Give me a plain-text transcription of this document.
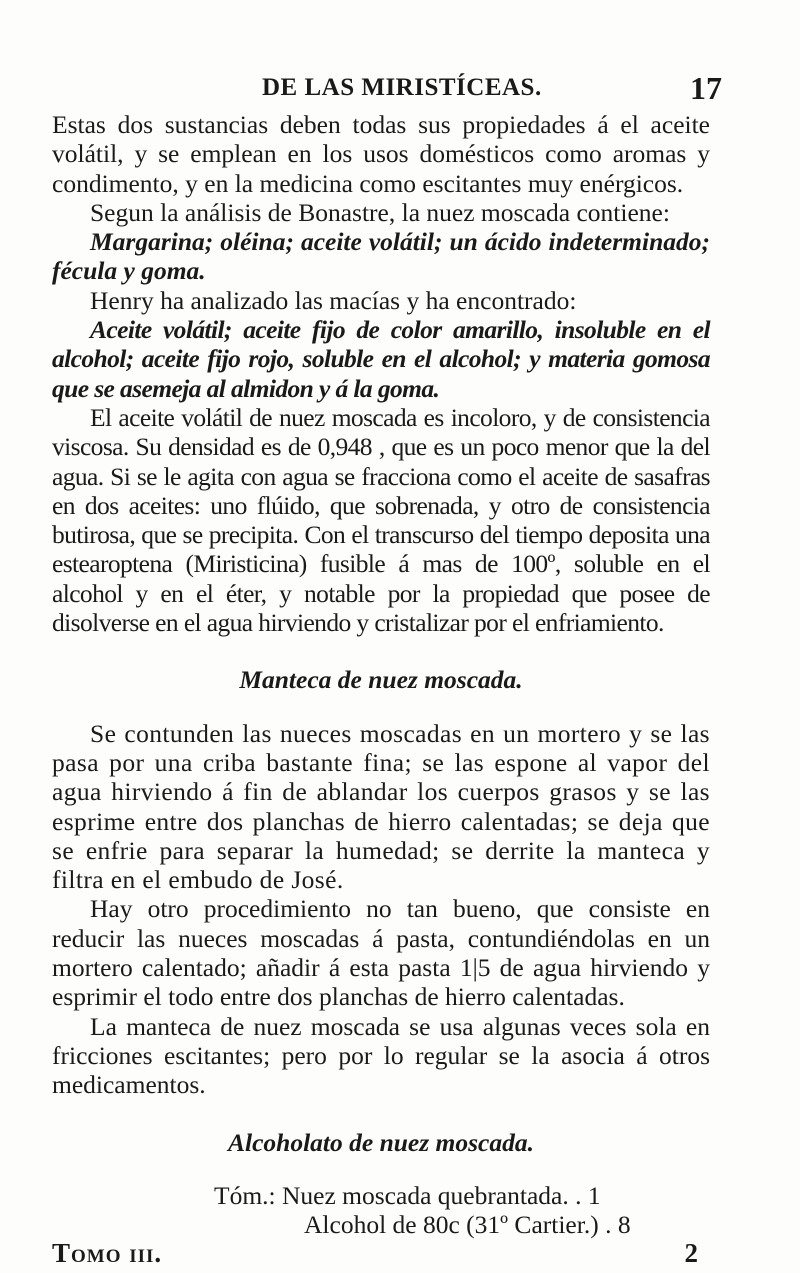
DE LAS MIRISTÍCEAS.	17

Estas dos sustancias deben todas sus propiedades á el aceite volátil, y se emplean en los usos domésticos como aromas y condimento, y en la medicina como escitantes muy enérgicos.

Segun la análisis de Bonastre, la nuez moscada contiene:

Margarina; oléina; aceite volátil; un ácido indeterminado; fécula y goma.

Henry ha analizado las macías y ha encontrado:

Aceite volátil; aceite fijo de color amarillo, insoluble en el alcohol; aceite fijo rojo, soluble en el alcohol; y materia gomosa que se asemeja al almidon y á la goma.

El aceite volátil de nuez moscada es incoloro, y de consistencia viscosa. Su densidad es de 0,948 , que es un poco menor que la del agua. Si se le agita con agua se fracciona como el aceite de sasafras en dos aceites: uno flúido, que sobrenada, y otro de consistencia butirosa, que se precipita. Con el transcurso del tiempo deposita una estearoptena (Miristicina) fusible á mas de 100º, soluble en el alcohol y en el éter, y notable por la propiedad que posee de disolverse en el agua hirviendo y cristalizar por el enfriamiento.

Manteca de nuez moscada.

Se contunden las nueces moscadas en un mortero y se las pasa por una criba bastante fina; se las espone al vapor del agua hirviendo á fin de ablandar los cuerpos grasos y se las esprime entre dos planchas de hierro calentadas; se deja que se enfrie para separar la humedad; se derrite la manteca y filtra en el embudo de José.

Hay otro procedimiento no tan bueno, que consiste en reducir las nueces moscadas á pasta, contundiéndolas en un mortero calentado; añadir á esta pasta 1|5 de agua hirviendo y esprimir el todo entre dos planchas de hierro calentadas.

La manteca de nuez moscada se usa algunas veces sola en fricciones escitantes; pero por lo regular se la asocia á otros medicamentos.

Alcoholato de nuez moscada.
Tóm.: Nuez moscada quebrantada. . 1
Alcohol de 80c (31º Cartier.) . 8
Tomo iii.	2
